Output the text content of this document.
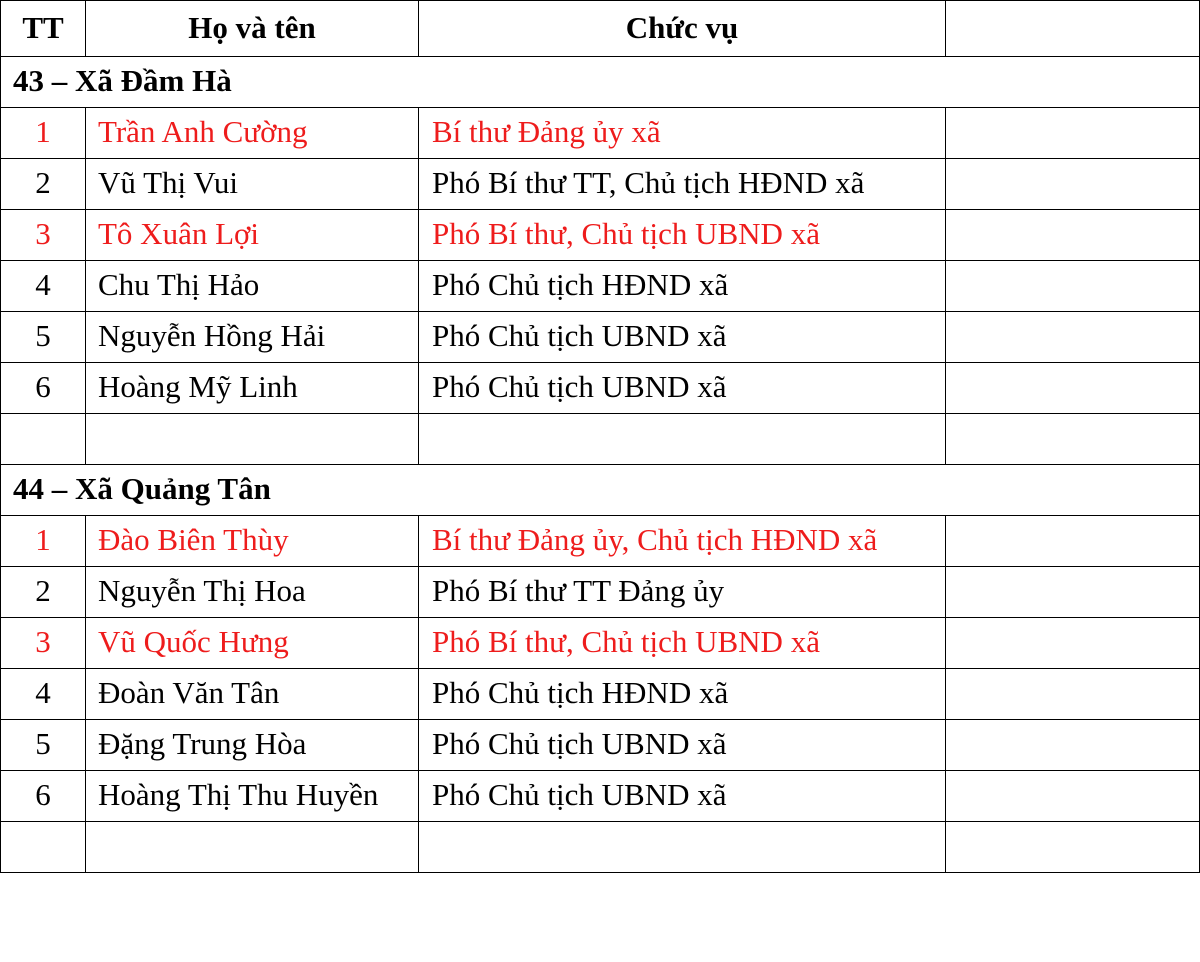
TT	Họ và tên	Chức vụ	
43 – Xã Đầm Hà			
1	Trần Anh Cường	Bí thư Đảng ủy xã	
2	Vũ Thị Vui	Phó Bí thư TT, Chủ tịch HĐND xã	
3	Tô Xuân Lợi	Phó Bí thư, Chủ tịch UBND xã	
4	Chu Thị Hảo	Phó Chủ tịch HĐND xã	
5	Nguyễn Hồng Hải	Phó Chủ tịch UBND xã	
6	Hoàng Mỹ Linh	Phó Chủ tịch UBND xã	

44 – Xã Quảng Tân			
1	Đào Biên Thùy	Bí thư Đảng ủy, Chủ tịch HĐND xã	
2	Nguyễn Thị Hoa	Phó Bí thư TT Đảng ủy	
3	Vũ Quốc Hưng	Phó Bí thư, Chủ tịch UBND xã	
4	Đoàn Văn Tân	Phó Chủ tịch HĐND xã	
5	Đặng Trung Hòa	Phó Chủ tịch UBND xã	
6	Hoàng Thị Thu Huyền	Phó Chủ tịch UBND xã	
